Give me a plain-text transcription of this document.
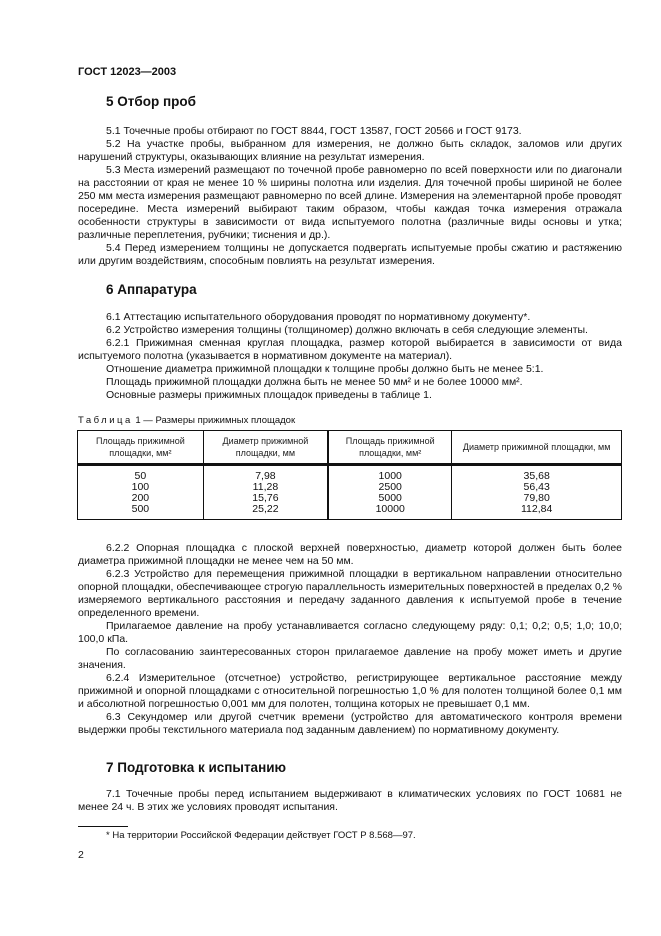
ГОСТ 12023—2003
5 Отбор проб

5.1 Точечные пробы отбирают по ГОСТ 8844, ГОСТ 13587, ГОСТ 20566 и ГОСТ 9173.

5.2 На участке пробы, выбранном для измерения, не должно быть складок, заломов или других нарушений структуры, оказывающих влияние на результат измерения.

5.3 Места измерений размещают по точечной пробе равномерно по всей поверхности или по диагонали на расстоянии от края не менее 10 % ширины полотна или изделия. Для точечной пробы шириной не более 250 мм места измерения размещают равномерно по всей длине. Измерения на элементарной пробе проводят посередине. Места измерений выбирают таким образом, чтобы каждая точка измерения отражала особенности структуры в зависимости от вида испытуемого полотна (различные виды основы и утка; различные переплетения, рубчики; тиснения и др.).

5.4 Перед измерением толщины не допускается подвергать испытуемые пробы сжатию и растяжению или другим воздействиям, способным повлиять на результат измерения.

6 Аппаратура

6.1 Аттестацию испытательного оборудования проводят по нормативному документу*.

6.2 Устройство измерения толщины (толщиномер) должно включать в себя следующие элементы.

6.2.1 Прижимная сменная круглая площадка, размер которой выбирается в зависимости от вида испытуемого полотна (указывается в нормативном документе на материал).

Отношение диаметра прижимной площадки к толщине пробы должно быть не менее 5:1.

Площадь прижимной площадки должна быть не менее 50 мм² и не более 10000 мм².

Основные размеры прижимных площадок приведены в таблице 1.

Таблица 1 — Размеры прижимных площадок
Площадь прижимной площадки, мм²	Диаметр прижимной площадки, мм	Площадь прижимной площадки, мм²	Диаметр прижимной площадки, мм
50	7,98	1000	35,68
100	11,28	2500	56,43
200	15,76	5000	79,80
500	25,22	10000	112,84

6.2.2 Опорная площадка с плоской верхней поверхностью, диаметр которой должен быть более диаметра прижимной площадки не менее чем на 50 мм.

6.2.3 Устройство для перемещения прижимной площадки в вертикальном направлении относительно опорной площадки, обеспечивающее строгую параллельность измерительных поверхностей в пределах 0,2 % измеряемого вертикального расстояния и передачу заданного давления к испытуемой пробе в течение определенного времени.

Прилагаемое давление на пробу устанавливается согласно следующему ряду: 0,1; 0,2; 0,5; 1,0; 10,0; 100,0 кПа.

По согласованию заинтересованных сторон прилагаемое давление на пробу может иметь и другие значения.

6.2.4 Измерительное (отсчетное) устройство, регистрирующее вертикальное расстояние между прижимной и опорной площадками с относительной погрешностью 1,0 % для полотен толщиной более 0,1 мм и абсолютной погрешностью 0,001 мм для полотен, толщина которых не превышает 0,1 мм.

6.3 Секундомер или другой счетчик времени (устройство для автоматического контроля времени выдержки пробы текстильного материала под заданным давлением) по нормативному документу.

7 Подготовка к испытанию

7.1 Точечные пробы перед испытанием выдерживают в климатических условиях по ГОСТ 10681 не менее 24 ч. В этих же условиях проводят испытания.

* На территории Российской Федерации действует ГОСТ Р 8.568—97.
2
